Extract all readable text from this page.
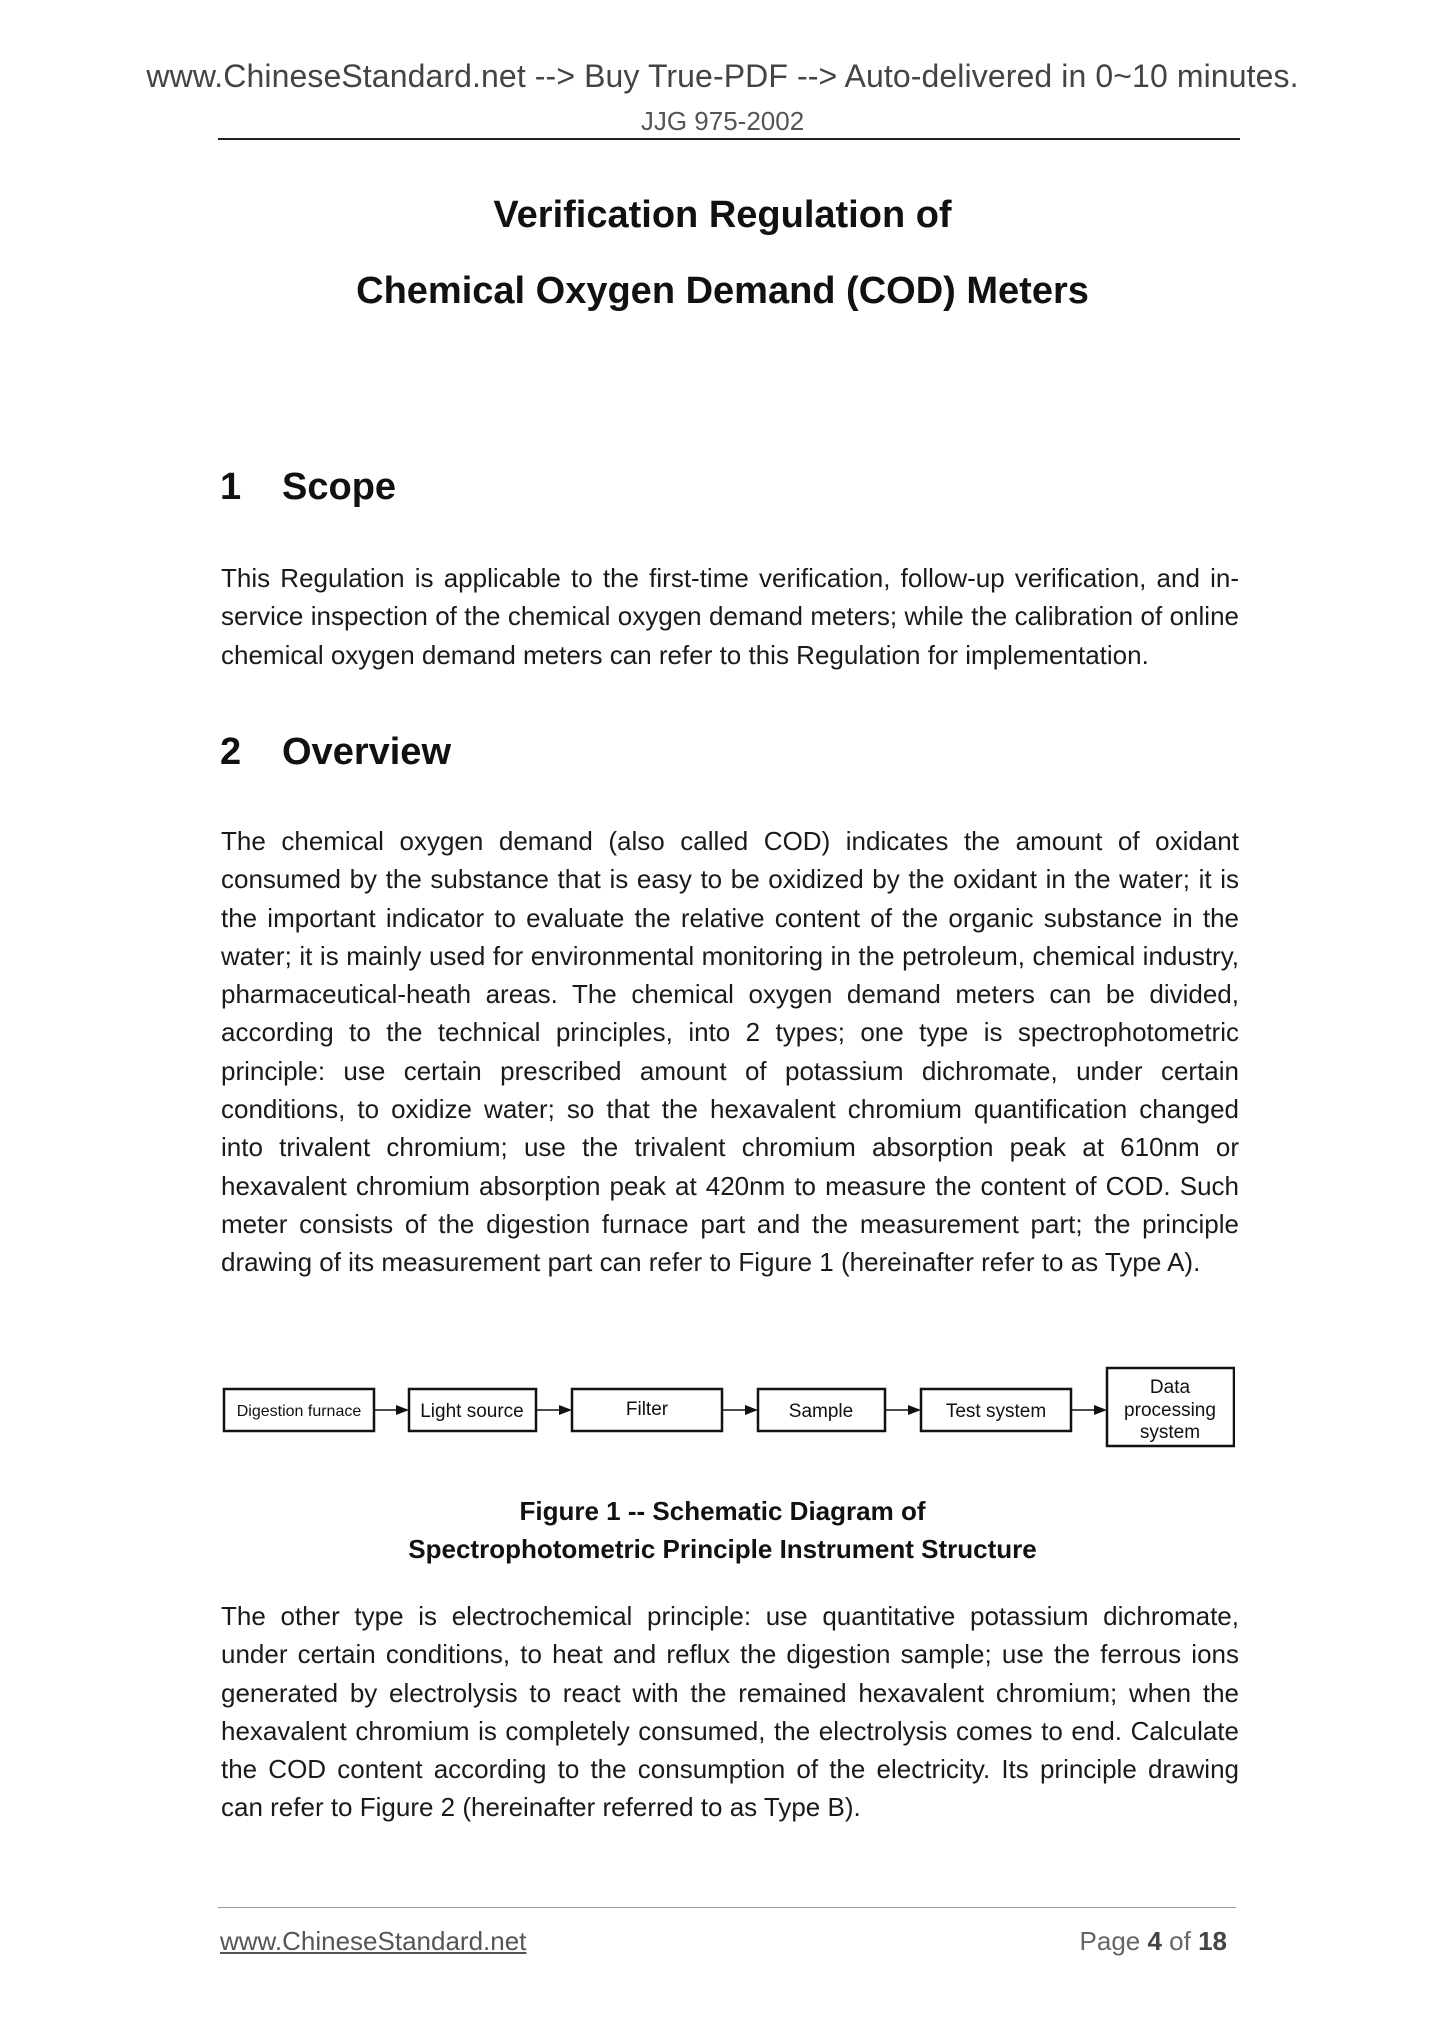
www.ChineseStandard.net --> Buy True-PDF --> Auto-delivered in 0~10 minutes.
JJG 975-2002
Verification Regulation of
Chemical Oxygen Demand (COD) Meters
1 Scope
This Regulation is applicable to the first-time verification, follow-up verification, and in-service inspection of the chemical oxygen demand meters; while the calibration of online chemical oxygen demand meters can refer to this Regulation for implementation.
2 Overview
The chemical oxygen demand (also called COD) indicates the amount of oxidant consumed by the substance that is easy to be oxidized by the oxidant in the water; it is the important indicator to evaluate the relative content of the organic substance in the water; it is mainly used for environmental monitoring in the petroleum, chemical industry, pharmaceutical-heath areas. The chemical oxygen demand meters can be divided, according to the technical principles, into 2 types; one type is spectrophotometric principle: use certain prescribed amount of potassium dichromate, under certain conditions, to oxidize water; so that the hexavalent chromium quantification changed into trivalent chromium; use the trivalent chromium absorption peak at 610nm or hexavalent chromium absorption peak at 420nm to measure the content of COD. Such meter consists of the digestion furnace part and the measurement part; the principle drawing of its measurement part can refer to Figure 1 (hereinafter refer to as Type A).
Digestion furnace	Light source	Filter	Sample	Test system
Data
processing
system
Figure 1 -- Schematic Diagram of
Spectrophotometric Principle Instrument Structure
The other type is electrochemical principle: use quantitative potassium dichromate, under certain conditions, to heat and reflux the digestion sample; use the ferrous ions generated by electrolysis to react with the remained hexavalent chromium; when the hexavalent chromium is completely consumed, the electrolysis comes to end. Calculate the COD content according to the consumption of the electricity. Its principle drawing can refer to Figure 2 (hereinafter referred to as Type B).
www.ChineseStandard.net	Page 4 of 18
